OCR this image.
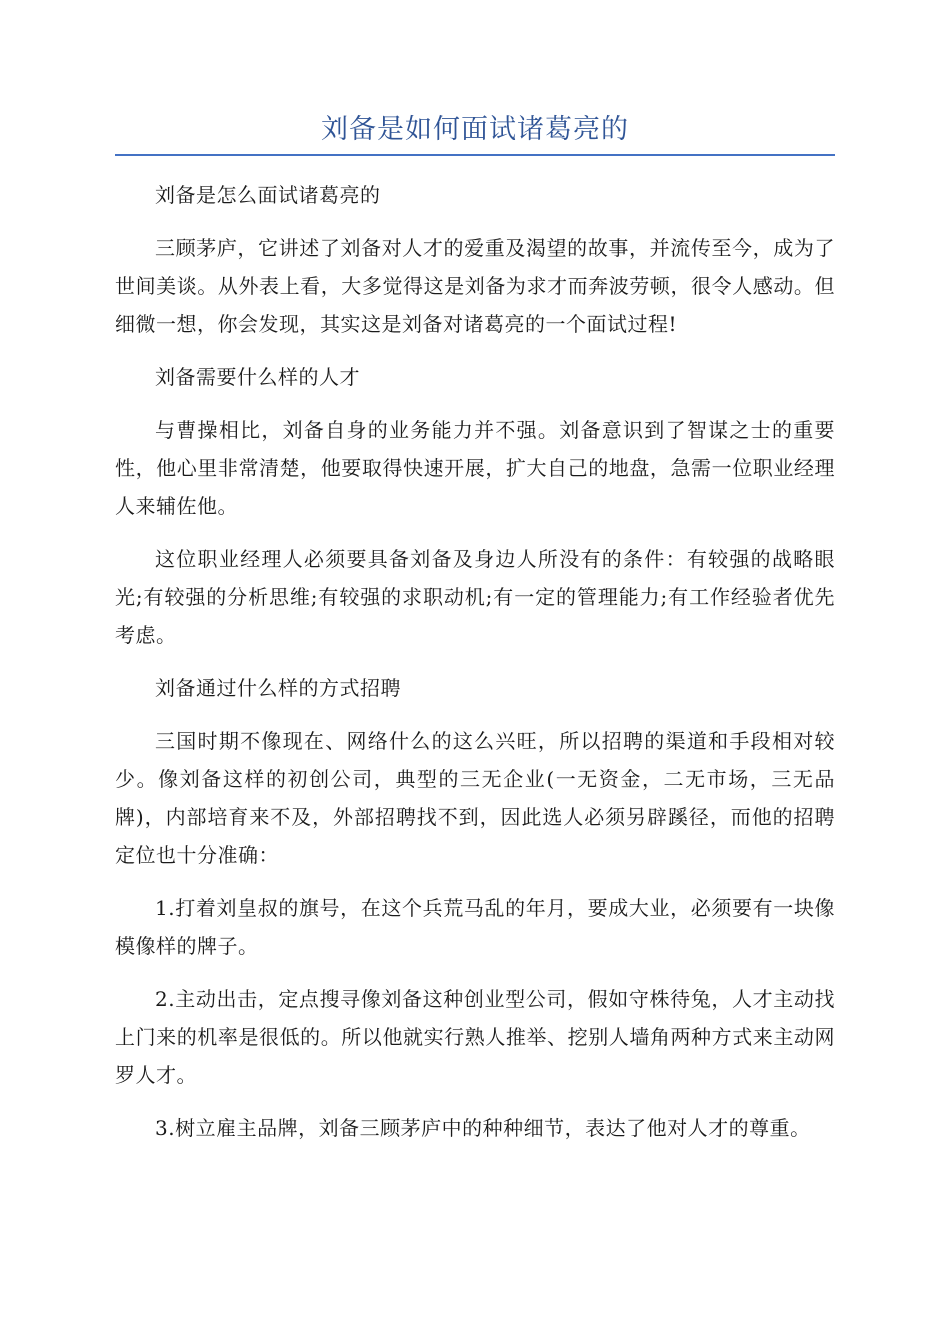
刘备是如何面试诸葛亮的

刘备是怎么面试诸葛亮的

三顾茅庐，它讲述了刘备对人才的爱重及渴望的故事，并流传至今，成为了世间美谈。从外表上看，大多觉得这是刘备为求才而奔波劳顿，很令人感动。但细微一想，你会发现，其实这是刘备对诸葛亮的一个面试过程!

刘备需要什么样的人才

与曹操相比，刘备自身的业务能力并不强。刘备意识到了智谋之士的重要性，他心里非常清楚，他要取得快速开展，扩大自己的地盘，急需一位职业经理人来辅佐他。

这位职业经理人必须要具备刘备及身边人所没有的条件：有较强的战略眼光;有较强的分析思维;有较强的求职动机;有一定的管理能力;有工作经验者优先考虑。

刘备通过什么样的方式招聘

三国时期不像现在、网络什么的这么兴旺，所以招聘的渠道和手段相对较少。像刘备这样的初创公司，典型的三无企业(一无资金，二无市场，三无品牌)，内部培育来不及，外部招聘找不到，因此选人必须另辟蹊径，而他的招聘定位也十分准确：

1.打着刘皇叔的旗号，在这个兵荒马乱的年月，要成大业，必须要有一块像模像样的牌子。

2.主动出击，定点搜寻像刘备这种创业型公司，假如守株待兔，人才主动找上门来的机率是很低的。所以他就实行熟人推举、挖别人墙角两种方式来主动网罗人才。

3.树立雇主品牌，刘备三顾茅庐中的种种细节，表达了他对人才的尊重。
